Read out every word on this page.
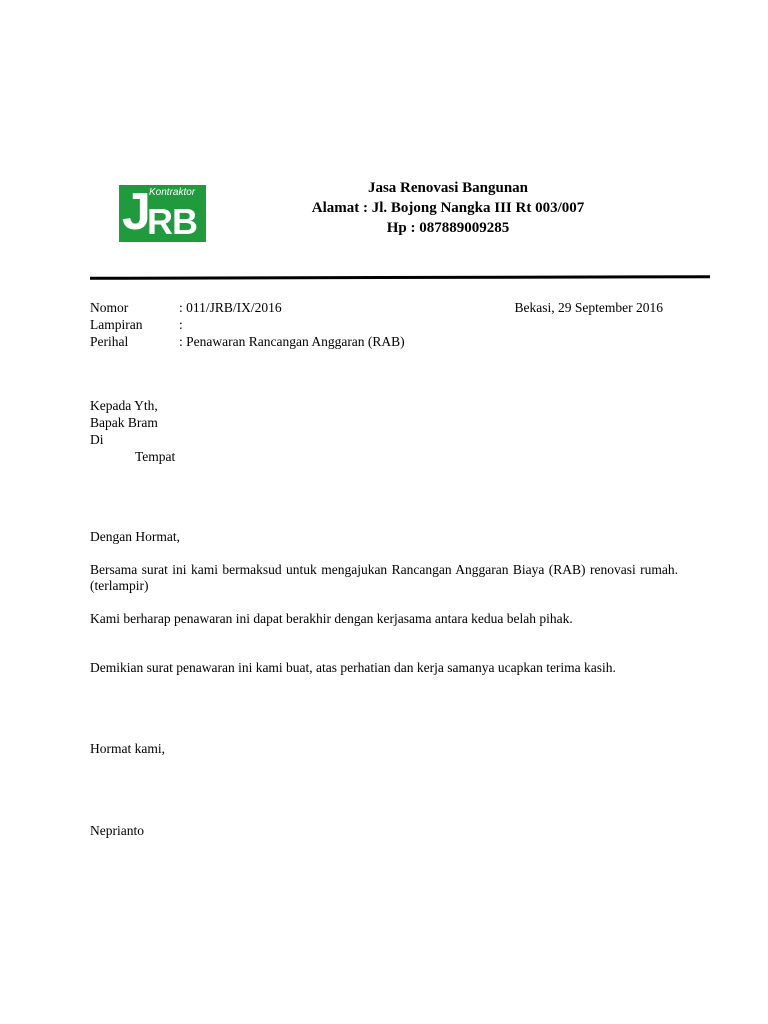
J
Kontraktor
RB
Jasa Renovasi Bangunan
Alamat : Jl. Bojong Nangka III Rt 003/007
Hp : 087889009285
Nomor	: 011/JRB/IX/2016	Bekasi, 29 September 2016
Lampiran	:
Perihal	: Penawaran Rancangan Anggaran (RAB)
Kepada Yth,
Bapak Bram
Di
Tempat
Dengan Hormat,
Bersama surat ini kami bermaksud untuk mengajukan Rancangan Anggaran Biaya (RAB) renovasi rumah.(terlampir)
Kami berharap penawaran ini dapat berakhir dengan kerjasama antara kedua belah pihak.
Demikian surat penawaran ini kami buat, atas perhatian dan kerja samanya ucapkan terima kasih.
Hormat kami,
Neprianto
